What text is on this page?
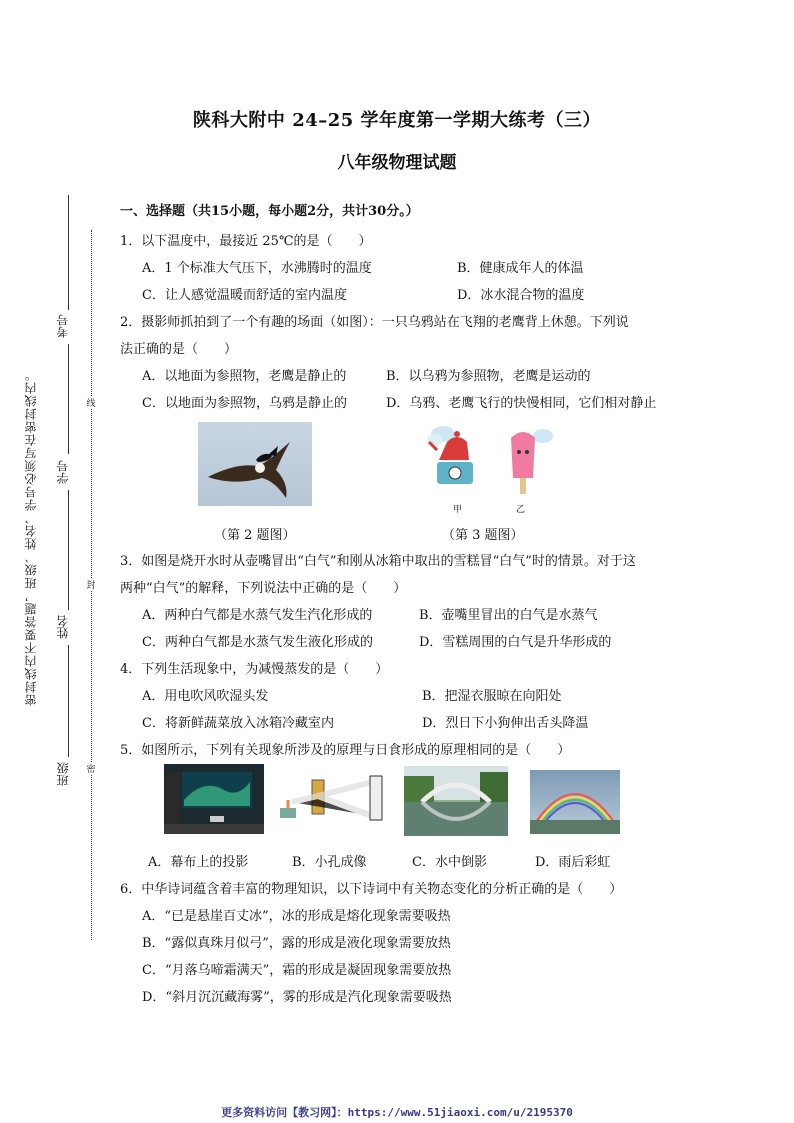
线
封
密
密封线内不要答题，班级、姓名、学号必须写在密封线内。
考号
学号
姓名
班级
陕科大附中 24–25 学年度第一学期大练考（三）
八年级物理试题
一、选择题（共15小题，每小题2分，共计30分。）
1．以下温度中，最接近 25℃的是（　　）
A．1 个标准大气压下，水沸腾时的温度	B．健康成年人的体温
C．让人感觉温暖而舒适的室内温度	D．冰水混合物的温度
2．摄影师抓拍到了一个有趣的场面（如图）：一只乌鸦站在飞翔的老鹰背上休憩。下列说
法正确的是（　　）
A．以地面为参照物，老鹰是静止的	B．以乌鸦为参照物，老鹰是运动的
C．以地面为参照物，乌鸦是静止的	D．乌鸦、老鹰飞行的快慢相同，它们相对静止
（第 2 题图）
甲	乙
（第 3 题图）
3．如图是烧开水时从壶嘴冒出“白气”和刚从冰箱中取出的雪糕冒“白气”时的情景。对于这
两种“白气”的解释，下列说法中正确的是（　　）
A．两种白气都是水蒸气发生汽化形成的	B．壶嘴里冒出的白气是水蒸气
C．两种白气都是水蒸气发生液化形成的	D．雪糕周围的白气是升华形成的
4．下列生活现象中，为减慢蒸发的是（　　）
A．用电吹风吹湿头发	B．把湿衣服晾在向阳处
C．将新鲜蔬菜放入冰箱冷藏室内	D．烈日下小狗伸出舌头降温
5．如图所示，下列有关现象所涉及的原理与日食形成的原理相同的是（　　）
A．幕布上的投影	B．小孔成像	C．水中倒影	D．雨后彩虹
6．中华诗词蕴含着丰富的物理知识，以下诗词中有关物态变化的分析正确的是（　　）
A．“已是悬崖百丈冰”，冰的形成是熔化现象需要吸热
B．“露似真珠月似弓”，露的形成是液化现象需要放热
C．“月落乌啼霜满天”，霜的形成是凝固现象需要放热
D．“斜月沉沉藏海雾”，雾的形成是汽化现象需要吸热
更多资料访问【教习网】：https://www.51jiaoxi.com/u/2195370
